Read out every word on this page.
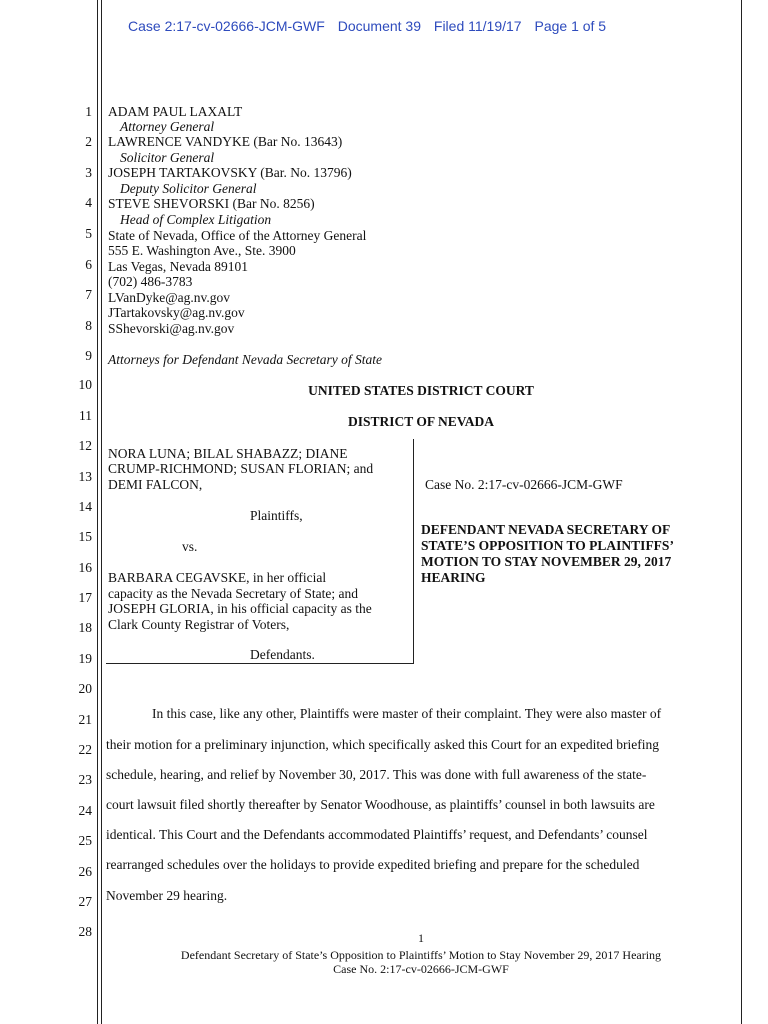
Case 2:17-cv-02666-JCM-GWF Document 39 Filed 11/19/17 Page 1 of 5
1
2
3
4
5
6
7
8
9
10
11
12
13
14
15
16
17
18
19
20
21
22
23
24
25
26
27
28
ADAM PAUL LAXALT
Attorney General
LAWRENCE VANDYKE (Bar No. 13643)
Solicitor General
JOSEPH TARTAKOVSKY (Bar. No. 13796)
Deputy Solicitor General
STEVE SHEVORSKI (Bar No. 8256)
Head of Complex Litigation
State of Nevada, Office of the Attorney General
555 E. Washington Ave., Ste. 3900
Las Vegas, Nevada 89101
(702) 486-3783
LVanDyke@ag.nv.gov
JTartakovsky@ag.nv.gov
SShevorski@ag.nv.gov
Attorneys for Defendant Nevada Secretary of State
UNITED STATES DISTRICT COURT
DISTRICT OF NEVADA
NORA LUNA; BILAL SHABAZZ; DIANE
CRUMP-RICHMOND; SUSAN FLORIAN; and
DEMI FALCON,
Plaintiffs,
vs.
BARBARA CEGAVSKE, in her official
capacity as the Nevada Secretary of State; and
JOSEPH GLORIA, in his official capacity as the
Clark County Registrar of Voters,
Defendants.
Case No. 2:17-cv-02666-JCM-GWF
DEFENDANT NEVADA SECRETARY OF
STATE’S OPPOSITION TO PLAINTIFFS’
MOTION TO STAY NOVEMBER 29, 2017
HEARING
In this case, like any other, Plaintiffs were master of their complaint. They were also master of
their motion for a preliminary injunction, which specifically asked this Court for an expedited briefing
schedule, hearing, and relief by November 30, 2017. This was done with full awareness of the state-
court lawsuit filed shortly thereafter by Senator Woodhouse, as plaintiffs’ counsel in both lawsuits are
identical. This Court and the Defendants accommodated Plaintiffs’ request, and Defendants’ counsel
rearranged schedules over the holidays to provide expedited briefing and prepare for the scheduled
November 29 hearing.
1
Defendant Secretary of State’s Opposition to Plaintiffs’ Motion to Stay November 29, 2017 Hearing
Case No. 2:17-cv-02666-JCM-GWF
